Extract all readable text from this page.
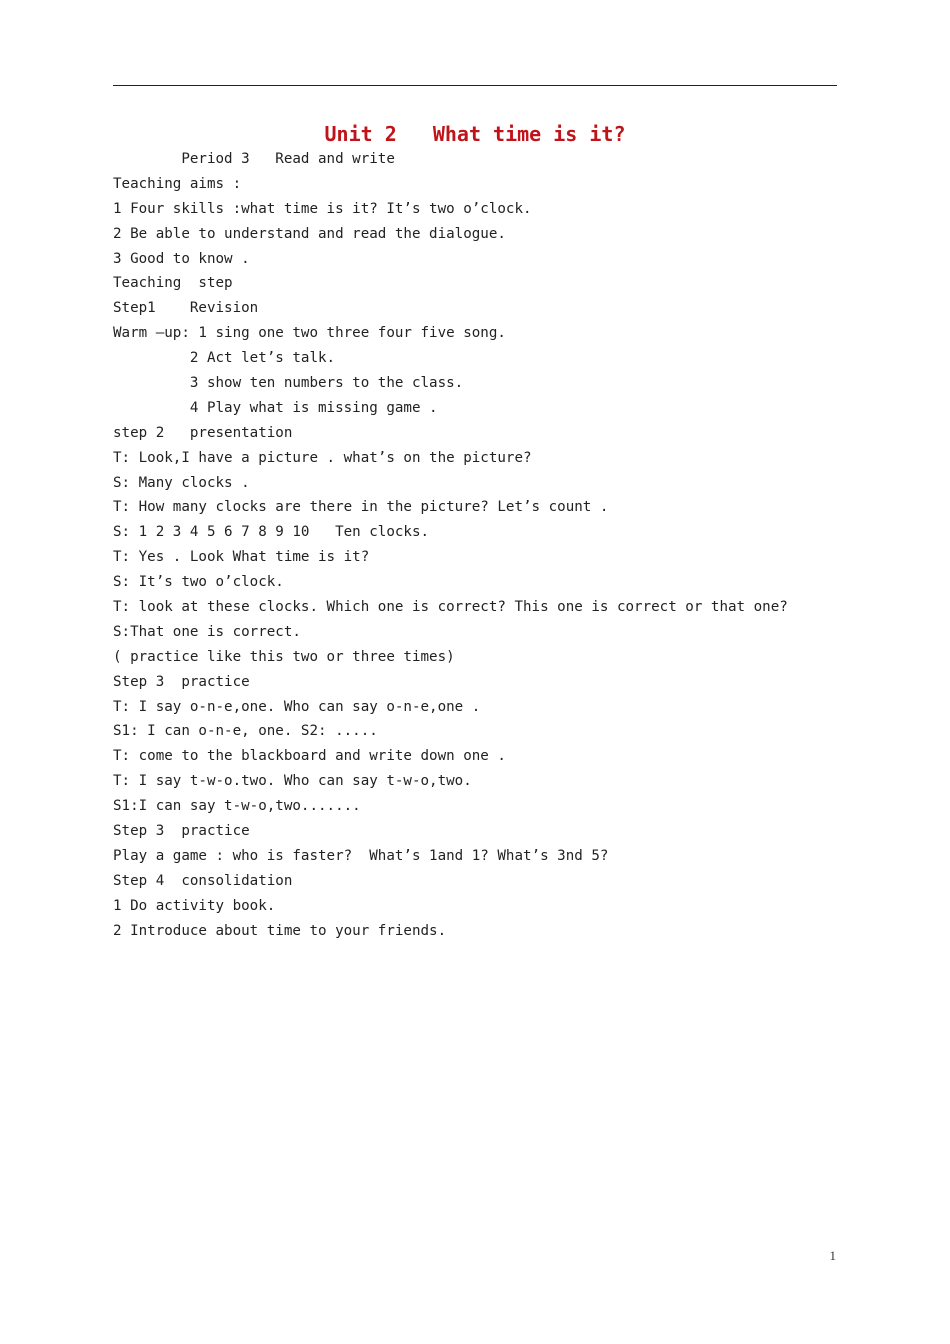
Unit 2   What time is it?
Period 3   Read and write
Teaching aims :
1 Four skills :what time is it? It’s two o’clock.
2 Be able to understand and read the dialogue.
3 Good to know .
Teaching  step
Step1    Revision
Warm –up: 1 sing one two three four five song.
2 Act let’s talk.
3 show ten numbers to the class.
4 Play what is missing game .
step 2   presentation
T: Look,I have a picture . what’s on the picture?
S: Many clocks .
T: How many clocks are there in the picture? Let’s count .
S: 1 2 3 4 5 6 7 8 9 10   Ten clocks.
T: Yes . Look What time is it?
S: It’s two o’clock.
T: look at these clocks. Which one is correct? This one is correct or that one?
S:That one is correct.
( practice like this two or three times)
Step 3  practice
T: I say o-n-e,one. Who can say o-n-e,one .
S1: I can o-n-e, one. S2: .....
T: come to the blackboard and write down one .
T: I say t-w-o.two. Who can say t-w-o,two.
S1:I can say t-w-o,two.......
Step 3  practice
Play a game : who is faster?  What’s 1and 1? What’s 3nd 5?
Step 4  consolidation
1 Do activity book.
2 Introduce about time to your friends.
1
